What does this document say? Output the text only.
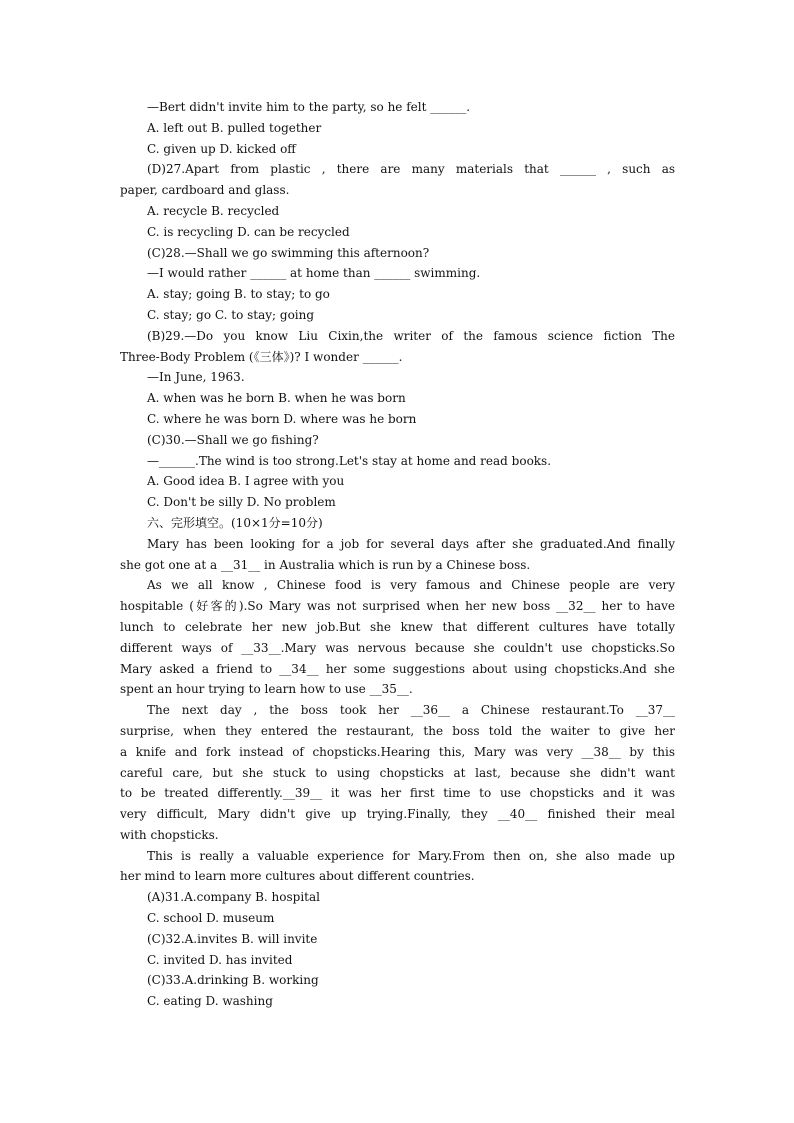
—Bert didn't invite him to the party, so he felt ______.
A. left out B. pulled together
C. given up D. kicked off
(D)27.Apart from plastic , there are many materials that ______ , such as
paper, cardboard and glass.
A. recycle B. recycled
C. is recycling D. can be recycled
(C)28.—Shall we go swimming this afternoon?
—I would rather ______ at home than ______ swimming.
A. stay; going B. to stay; to go
C. stay; go C. to stay; going
(B)29.—Do you know Liu Cixin,the writer of the famous science fiction The
Three-Body Problem (《三体》)? I wonder ______.
—In June, 1963.
A. when was he born B. when he was born
C. where he was born D. where was he born
(C)30.—Shall we go fishing?
—______.The wind is too strong.Let's stay at home and read books.
A. Good idea B. I agree with you
C. Don't be silly D. No problem
六、完形填空。(10×1分=10分)
Mary has been looking for a job for several days after she graduated.And finally
she got one at a __31__ in Australia which is run by a Chinese boss.
As we all know , Chinese food is very famous and Chinese people are very
hospitable (好客的).So Mary was not surprised when her new boss __32__ her to have
lunch to celebrate her new job.But she knew that different cultures have totally
different ways of __33__.Mary was nervous because she couldn't use chopsticks.So
Mary asked a friend to __34__ her some suggestions about using chopsticks.And she
spent an hour trying to learn how to use __35__.
The next day , the boss took her __36__ a Chinese restaurant.To __37__
surprise, when they entered the restaurant, the boss told the waiter to give her
a knife and fork instead of chopsticks.Hearing this, Mary was very __38__ by this
careful care, but she stuck to using chopsticks at last, because she didn't want
to be treated differently.__39__ it was her first time to use chopsticks and it was
very difficult, Mary didn't give up trying.Finally, they __40__ finished their meal
with chopsticks.
This is really a valuable experience for Mary.From then on, she also made up
her mind to learn more cultures about different countries.
(A)31.A.company B. hospital
C. school D. museum
(C)32.A.invites B. will invite
C. invited D. has invited
(C)33.A.drinking B. working
C. eating D. washing
